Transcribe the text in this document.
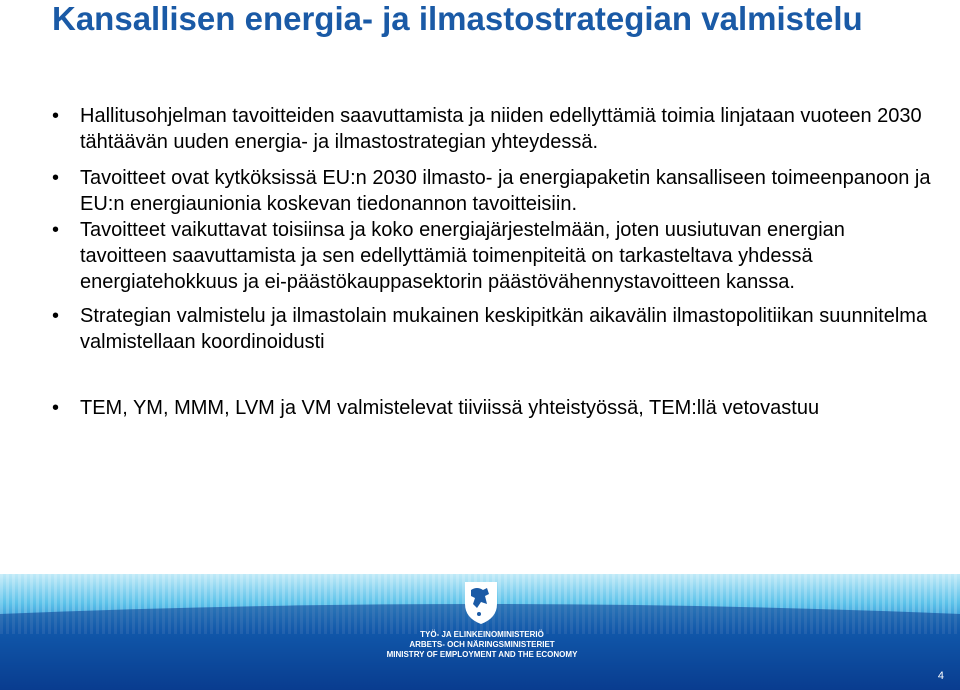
Kansallisen energia- ja ilmastostrategian valmistelu
• Hallitusohjelman tavoitteiden saavuttamista ja niiden edellyttämiä toimia linjataan vuoteen 2030 tähtäävän uuden energia- ja ilmastostrategian yhteydessä.
• Tavoitteet ovat kytköksissä EU:n 2030 ilmasto- ja energiapaketin kansalliseen toimeenpanoon ja EU:n energiaunionia koskevan tiedonannon tavoitteisiin.
• Tavoitteet vaikuttavat toisiinsa ja koko energiajärjestelmään, joten uusiutuvan energian tavoitteen saavuttamista ja sen edellyttämiä toimenpiteitä on tarkasteltava yhdessä energiatehokkuus ja ei-päästökauppasektorin päästövähennystavoitteen kanssa.
• Strategian valmistelu ja ilmastolain mukainen keskipitkän aikavälin ilmastopolitiikan suunnitelma valmistellaan koordinoidusti
• TEM, YM, MMM, LVM ja VM valmistelevat tiiviissä yhteistyössä, TEM:llä vetovastuu
TYÖ- JA ELINKEINOMINISTERIÖ
ARBETS- OCH NÄRINGSMINISTERIET
MINISTRY OF EMPLOYMENT AND THE ECONOMY
4
